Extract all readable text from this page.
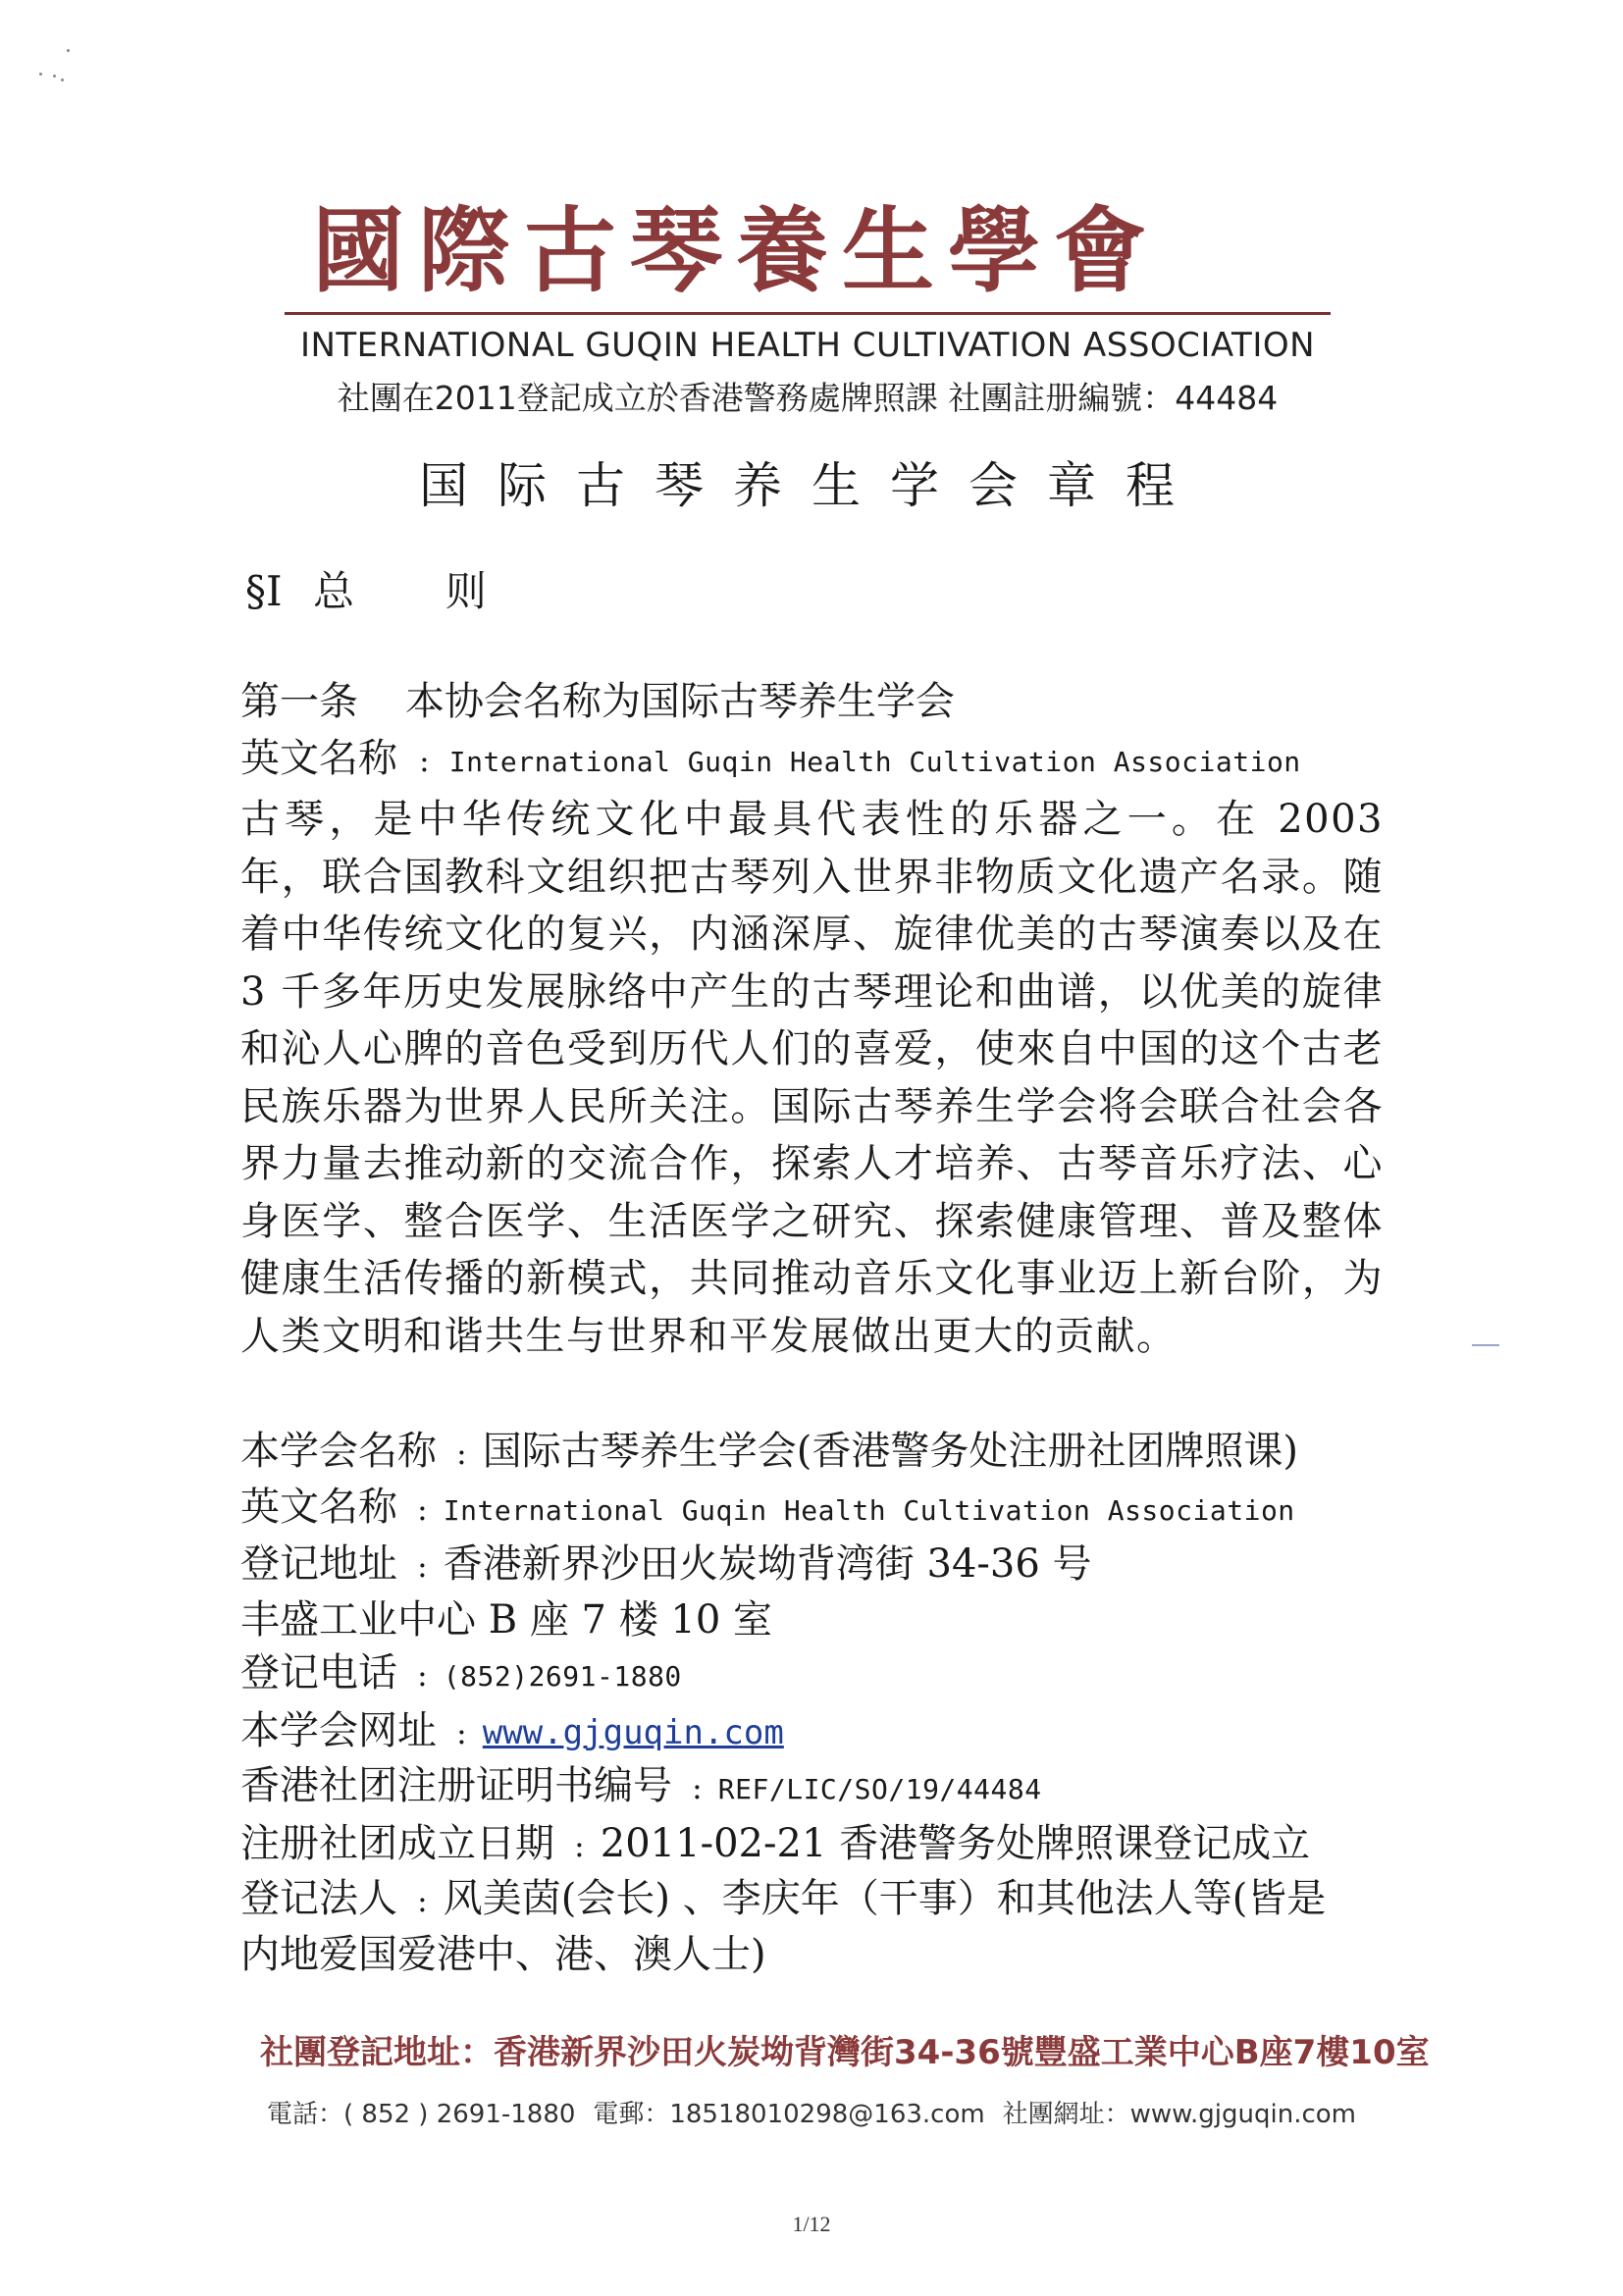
國際古琴養生學會
INTERNATIONAL GUQIN HEALTH CULTIVATION ASSOCIATION
社團在2011登記成立於香港警務處牌照課 社團註册編號：44484
国际古琴养生学会章程
§Ⅰ 总 则
第一条 本协会名称为国际古琴养生学会
英文名称 : International Guqin Health Cultivation Association
古琴，是中华传统文化中最具代表性的乐器之一。在 2003 年，联合国教科文组织把古琴列入世界非物质文化遗产名录。随着中华传统文化的复兴，内涵深厚、旋律优美的古琴演奏以及在 3 千多年历史发展脉络中产生的古琴理论和曲谱，以优美的旋律和沁人心脾的音色受到历代人们的喜爱，使來自中国的这个古老民族乐器为世界人民所关注。国际古琴养生学会将会联合社会各界力量去推动新的交流合作，探索人才培养、古琴音乐疗法、心身医学、整合医学、生活医学之研究、探索健康管理、普及整体健康生活传播的新模式，共同推动音乐文化事业迈上新台阶，为人类文明和谐共生与世界和平发展做出更大的贡献。
本学会名称 : 国际古琴养生学会(香港警务处注册社团牌照课)
英文名称 : International Guqin Health Cultivation Association
登记地址 : 香港新界沙田火炭坳背湾街 34-36 号
丰盛工业中心 B 座 7 楼 10 室
登记电话 : (852)2691-1880
本学会网址 : www.gjguqin.com
香港社团注册证明书编号 : REF/LIC/SO/19/44484
注册社团成立日期 : 2011-02-21 香港警务处牌照课登记成立
登记法人 : 风美茵(会长) 、李庆年（干事）和其他法人等(皆是
内地爱国爱港中、港、澳人士)
社團登記地址：香港新界沙田火炭坳背灣街34-36號豐盛工業中心B座7樓10室
電話：( 852 ) 2691-1880 電郵：18518010298@163.com 社團網址：www.gjguqin.com
1/12
